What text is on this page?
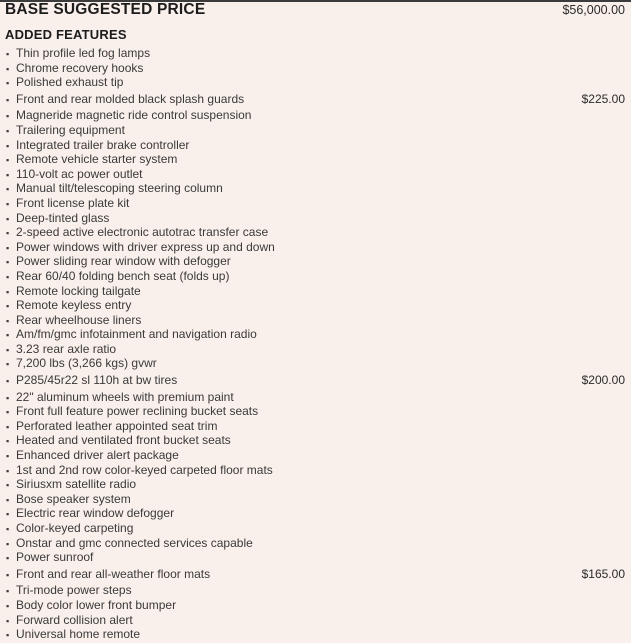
BASE SUGGESTED PRICE	$56,000.00
ADDED FEATURES
▪ Thin profile led fog lamps
▪ Chrome recovery hooks
▪ Polished exhaust tip
▪ Front and rear molded black splash guards	$225.00
▪ Magneride magnetic ride control suspension
▪ Trailering equipment
▪ Integrated trailer brake controller
▪ Remote vehicle starter system
▪ 110-volt ac power outlet
▪ Manual tilt/telescoping steering column
▪ Front license plate kit
▪ Deep-tinted glass
▪ 2-speed active electronic autotrac transfer case
▪ Power windows with driver express up and down
▪ Power sliding rear window with defogger
▪ Rear 60/40 folding bench seat (folds up)
▪ Remote locking tailgate
▪ Remote keyless entry
▪ Rear wheelhouse liners
▪ Am/fm/gmc infotainment and navigation radio
▪ 3.23 rear axle ratio
▪ 7,200 lbs (3,266 kgs) gvwr
▪ P285/45r22 sl 110h at bw tires	$200.00
▪ 22" aluminum wheels with premium paint
▪ Front full feature power reclining bucket seats
▪ Perforated leather appointed seat trim
▪ Heated and ventilated front bucket seats
▪ Enhanced driver alert package
▪ 1st and 2nd row color-keyed carpeted floor mats
▪ Siriusxm satellite radio
▪ Bose speaker system
▪ Electric rear window defogger
▪ Color-keyed carpeting
▪ Onstar and gmc connected services capable
▪ Power sunroof
▪ Front and rear all-weather floor mats	$165.00
▪ Tri-mode power steps
▪ Body color lower front bumper
▪ Forward collision alert
▪ Universal home remote
